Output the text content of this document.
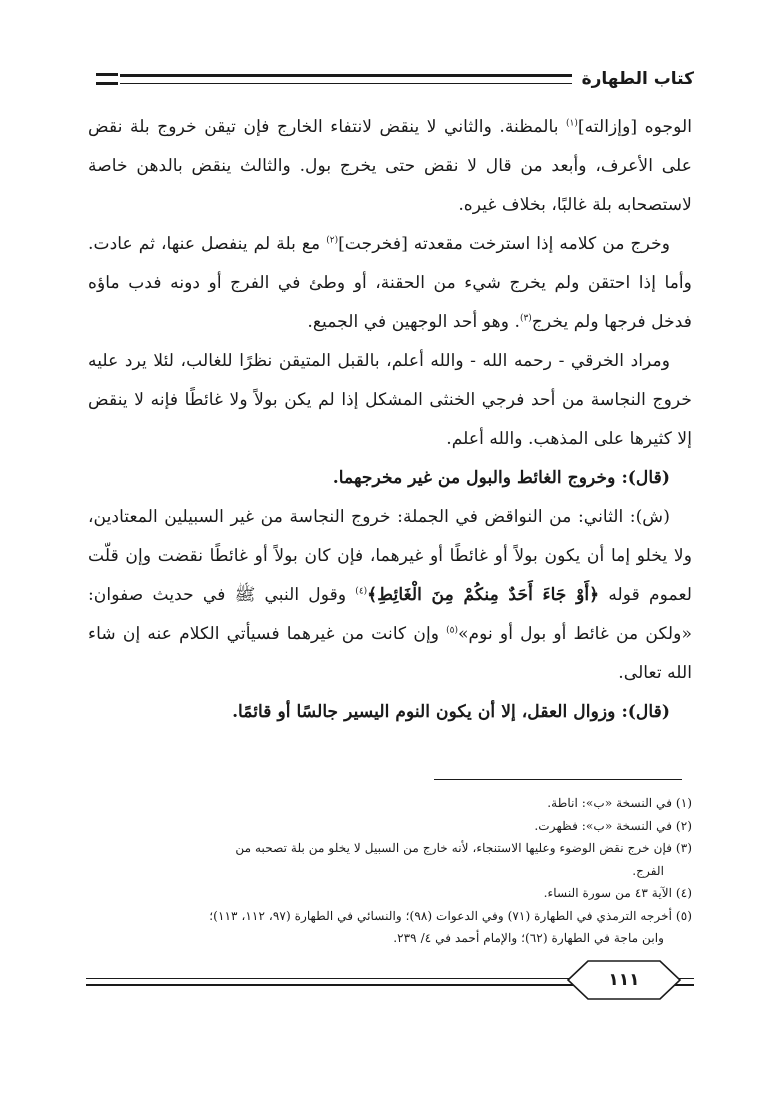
كتاب الطهارة

الوجوه [وإزالته]$^{(١)}$ بالمظنة. والثاني لا ينقض لانتفاء الخارج فإن تيقن خروج بلة نقض على الأعرف، وأبعد من قال لا نقض حتى يخرج بول. والثالث ينقض بالدهن خاصة لاستصحابه بلة غالبًا، بخلاف غيره.

وخرج من كلامه إذا استرخت مقعدته [فخرجت]$^{(٢)}$ مع بلة لم ينفصل عنها، ثم عادت. وأما إذا احتقن ولم يخرج شيء من الحقنة، أو وطئ في الفرج أو دونه فدب ماؤه فدخل فرجها ولم يخرج$^{(٣)}$. وهو أحد الوجهين في الجميع.

ومراد الخرقي - رحمه الله - والله أعلم، بالقبل المتيقن نظرًا للغالب، لئلا يرد عليه خروج النجاسة من أحد فرجي الخنثى المشكل إذا لم يكن بولاً ولا غائطًا فإنه لا ينقض إلا كثيرها على المذهب. والله أعلم.

(قال): وخروج الغائط والبول من غير مخرجهما.

(ش): الثاني: من النواقض في الجملة: خروج النجاسة من غير السبيلين المعتادين، ولا يخلو إما أن يكون بولاً أو غائطًا أو غيرهما، فإن كان بولاً أو غائطًا نقضت وإن قلّت لعموم قوله ﴿أَوْ جَاءَ أَحَدٌ مِنكُمْ مِنَ الْغَائِطِ﴾$^{(٤)}$ وقول النبي ﷺ في حديث صفوان: «ولكن من غائط أو بول أو نوم»$^{(٥)}$ وإن كانت من غيرهما فسيأتي الكلام عنه إن شاء الله تعالى.

(قال): وزوال العقل، إلا أن يكون النوم اليسير جالسًا أو قائمًا.

(١) في النسخة «ب»: اناطة.

(٢) في النسخة «ب»: فظهرت.

(٣) فإن خرج نقض الوضوء وعليها الاستنجاء، لأنه خارج من السبيل لا يخلو من بلة تصحبه من

الفرج.

(٤) الآية ٤٣ من سورة النساء.

(٥) أخرجه الترمذي في الطهارة (٧١) وفي الدعوات (٩٨)؛ والنسائي في الطهارة (٩٧، ١١٢، ١١٣)؛

وابن ماجة في الطهارة (٦٢)؛ والإمام أحمد في ٤/ ٢٣٩.

١١١
